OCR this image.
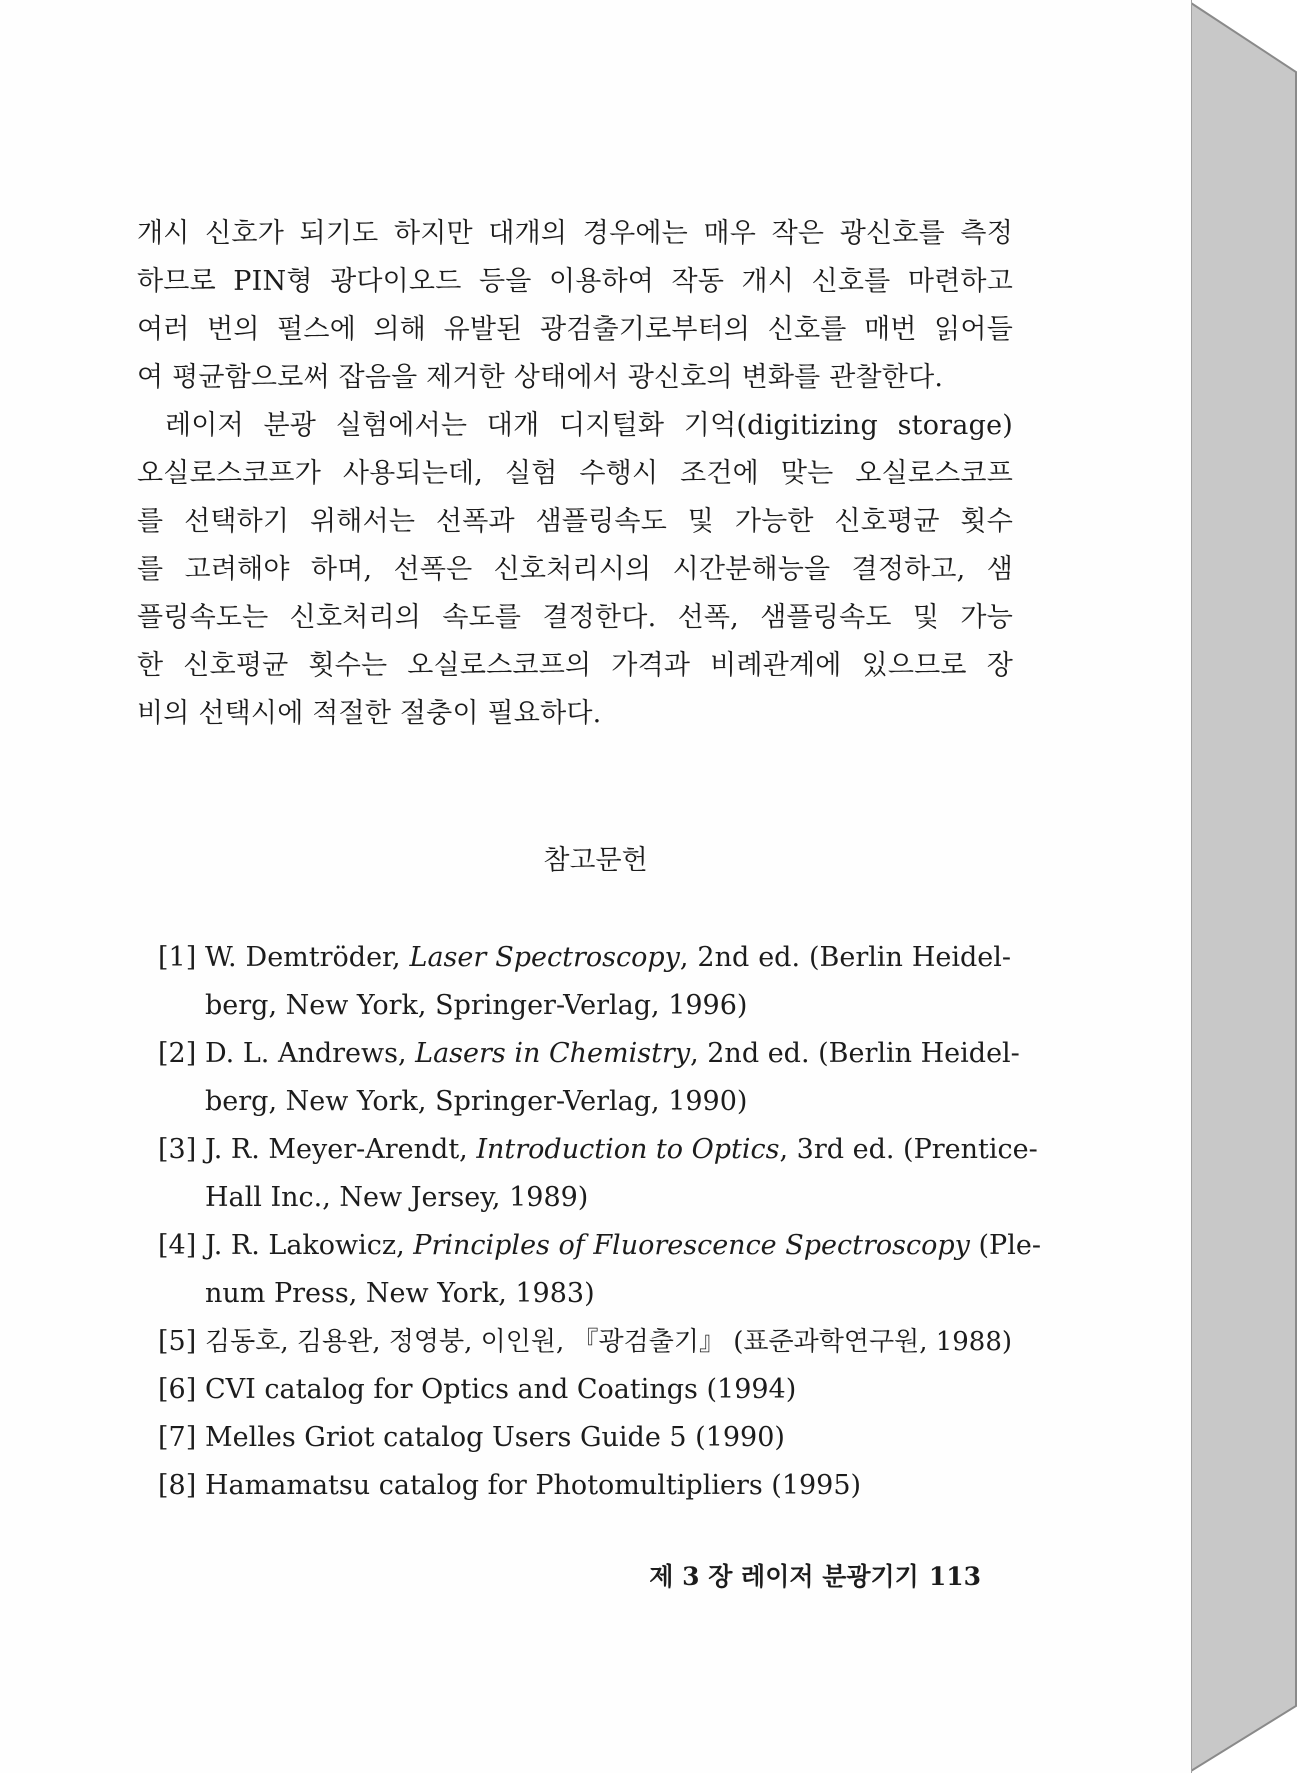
개시 신호가 되기도 하지만 대개의 경우에는 매우 작은 광신호를 측정
하므로 PIN형 광다이오드 등을 이용하여 작동 개시 신호를 마련하고
여러 번의 펄스에 의해 유발된 광검출기로부터의 신호를 매번 읽어들
여 평균함으로써 잡음을 제거한 상태에서 광신호의 변화를 관찰한다.
레이저 분광 실험에서는 대개 디지털화 기억(digitizing storage)
오실로스코프가 사용되는데, 실험 수행시 조건에 맞는 오실로스코프
를 선택하기 위해서는 선폭과 샘플링속도 및 가능한 신호평균 횟수
를 고려해야 하며, 선폭은 신호처리시의 시간분해능을 결정하고, 샘
플링속도는 신호처리의 속도를 결정한다. 선폭, 샘플링속도 및 가능
한 신호평균 횟수는 오실로스코프의 가격과 비례관계에 있으므로 장
비의 선택시에 적절한 절충이 필요하다.
참고문헌
[1] W. Demtröder, Laser Spectroscopy, 2nd ed. (Berlin Heidel-
berg, New York, Springer-Verlag, 1996)
[2] D. L. Andrews, Lasers in Chemistry, 2nd ed. (Berlin Heidel-
berg, New York, Springer-Verlag, 1990)
[3] J. R. Meyer-Arendt, Introduction to Optics, 3rd ed. (Prentice-
Hall Inc., New Jersey, 1989)
[4] J. R. Lakowicz, Principles of Fluorescence Spectroscopy (Ple-
num Press, New York, 1983)
[5] 김동호, 김용완, 정영붕, 이인원, 『광검출기』 (표준과학연구원, 1988)
[6] CVI catalog for Optics and Coatings (1994)
[7] Melles Griot catalog Users Guide 5 (1990)
[8] Hamamatsu catalog for Photomultipliers (1995)
제 3 장 레이저 분광기기 113
